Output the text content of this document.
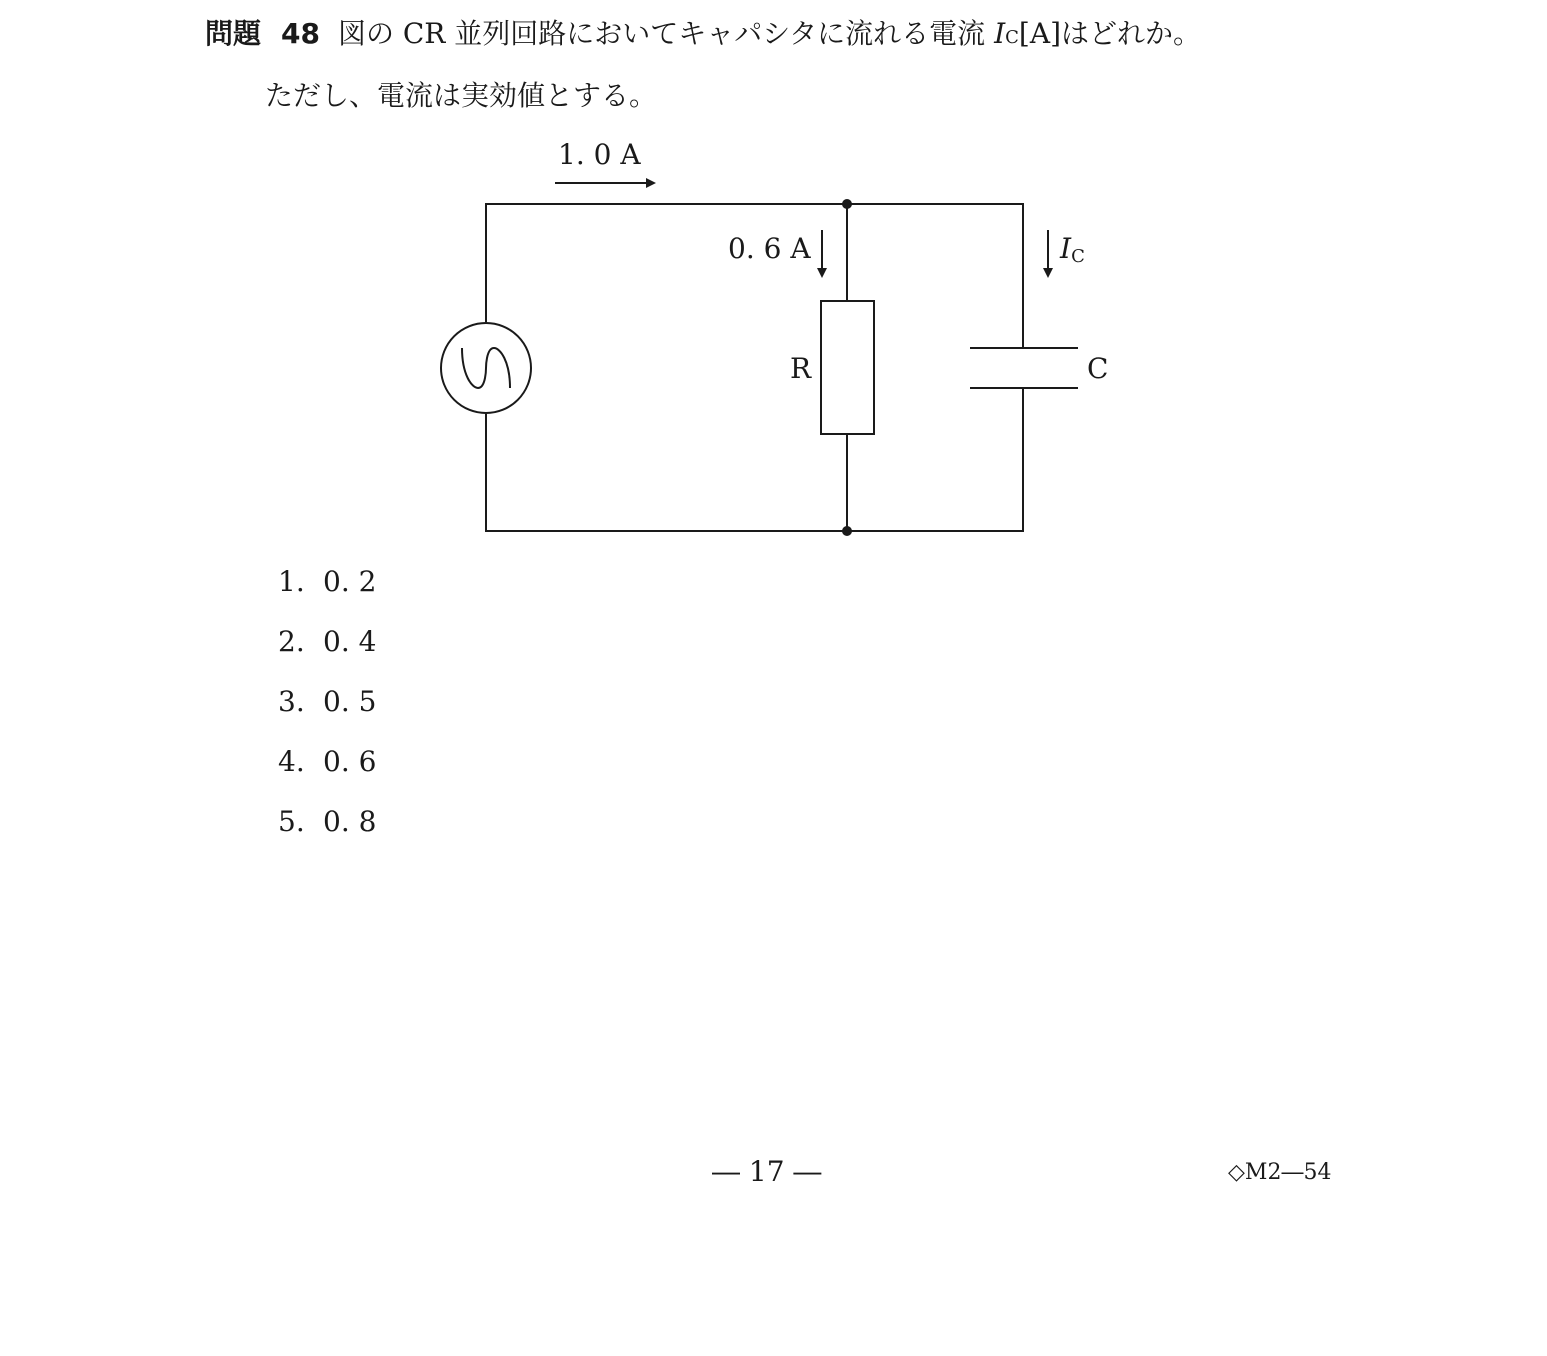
問題 48 図の CR 並列回路においてキャパシタに流れる電流 IC[A]はどれか。
ただし、電流は実効値とする。
1. 0 A
R
0. 6 A
C
IC
1. 0. 2
2. 0. 4
3. 0. 5
4. 0. 6
5. 0. 8
― 17 ―	◇M2―54
